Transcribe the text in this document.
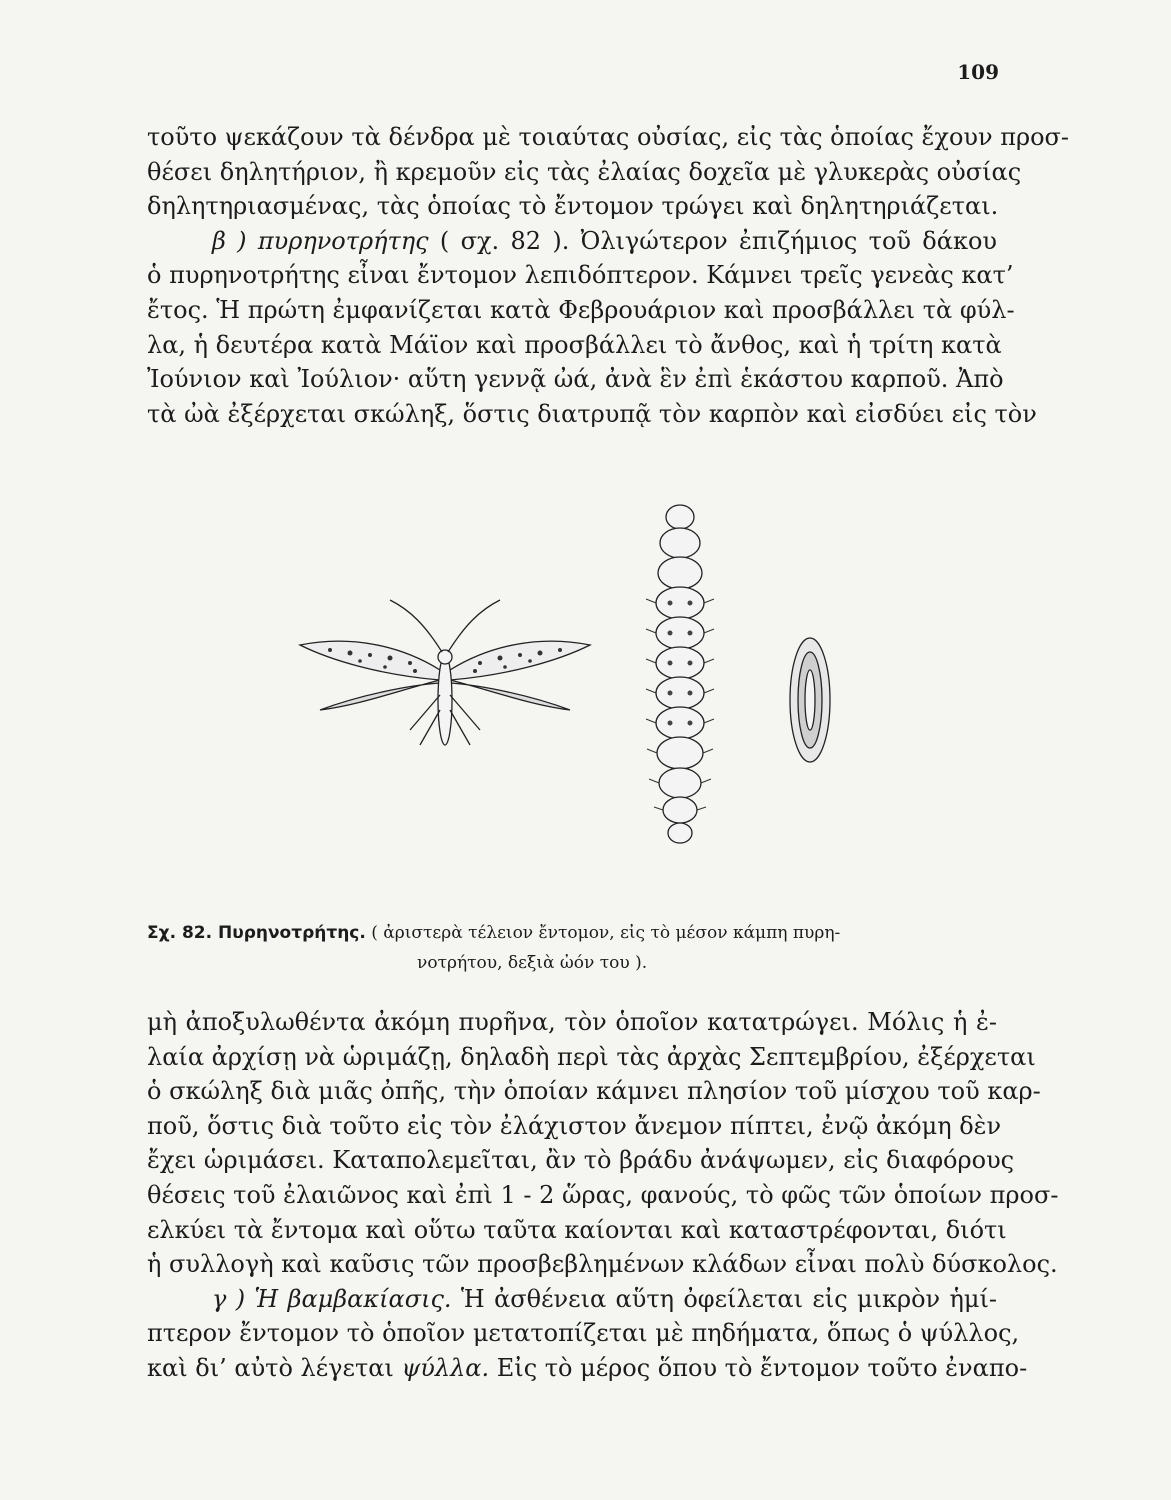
109
τοῦτο ψεκάζουν τὰ δένδρα μὲ τοιαύτας οὐσίας, εἰς τὰς ὁποίας ἔχουν προσ-
θέσει δηλητήριον, ἢ κρεμοῦν εἰς τὰς ἐλαίας δοχεῖα μὲ γλυκερὰς οὐσίας
δηλητηριασμένας, τὰς ὁποίας τὸ ἔντομον τρώγει καὶ δηλητηριάζεται.
β ) πυρηνοτρήτης ( σχ. 82 ). Ὀλιγώτερον ἐπιζήμιος τοῦ δάκου
ὁ πυρηνοτρήτης εἶναι ἔντομον λεπιδόπτερον. Κάμνει τρεῖς γενεὰς κατ’
ἔτος. Ἡ πρώτη ἐμφανίζεται κατὰ Φεβρουάριον καὶ προσβάλλει τὰ φύλ-
λα, ἡ δευτέρα κατὰ Μάϊον καὶ προσβάλλει τὸ ἄνθος, καὶ ἡ τρίτη κατὰ
Ἰούνιον καὶ Ἰούλιον· αὕτη γεννᾷ ὠά, ἀνὰ ἓν ἐπὶ ἑκάστου καρποῦ. Ἀπὸ
τὰ ὠὰ ἐξέρχεται σκώληξ, ὅστις διατρυπᾷ τὸν καρπὸν καὶ εἰσδύει εἰς τὸν
Σχ. 82. Πυρηνοτρήτης. ( ἀριστερὰ τέλειον ἔντομον, εἰς τὸ μέσον κάμπη πυρη-
νοτρήτου, δεξιὰ ὠόν του ).
μὴ ἀποξυλωθέντα ἀκόμη πυρῆνα, τὸν ὁποῖον κατατρώγει. Μόλις ἡ ἐ-
λαία ἀρχίσῃ νὰ ὡριμάζῃ, δηλαδὴ περὶ τὰς ἀρχὰς Σεπτεμβρίου, ἐξέρχεται
ὁ σκώληξ διὰ μιᾶς ὀπῆς, τὴν ὁποίαν κάμνει πλησίον τοῦ μίσχου τοῦ καρ-
ποῦ, ὅστις διὰ τοῦτο εἰς τὸν ἐλάχιστον ἄνεμον πίπτει, ἐνῷ ἀκόμη δὲν
ἔχει ὡριμάσει. Καταπολεμεῖται, ἂν τὸ βράδυ ἀνάψωμεν, εἰς διαφόρους
θέσεις τοῦ ἐλαιῶνος καὶ ἐπὶ 1 - 2 ὥρας, φανούς, τὸ φῶς τῶν ὁποίων προσ-
ελκύει τὰ ἔντομα καὶ οὕτω ταῦτα καίονται καὶ καταστρέφονται, διότι
ἡ συλλογὴ καὶ καῦσις τῶν προσβεβλημένων κλάδων εἶναι πολὺ δύσκολος.
γ ) Ἡ βαμβακίασις. Ἡ ἀσθένεια αὕτη ὀφείλεται εἰς μικρὸν ἡμί-
πτερον ἔντομον τὸ ὁποῖον μετατοπίζεται μὲ πηδήματα, ὅπως ὁ ψύλλος,
καὶ δι’ αὐτὸ λέγεται ψύλλα. Εἰς τὸ μέρος ὅπου τὸ ἔντομον τοῦτο ἐναπο-
